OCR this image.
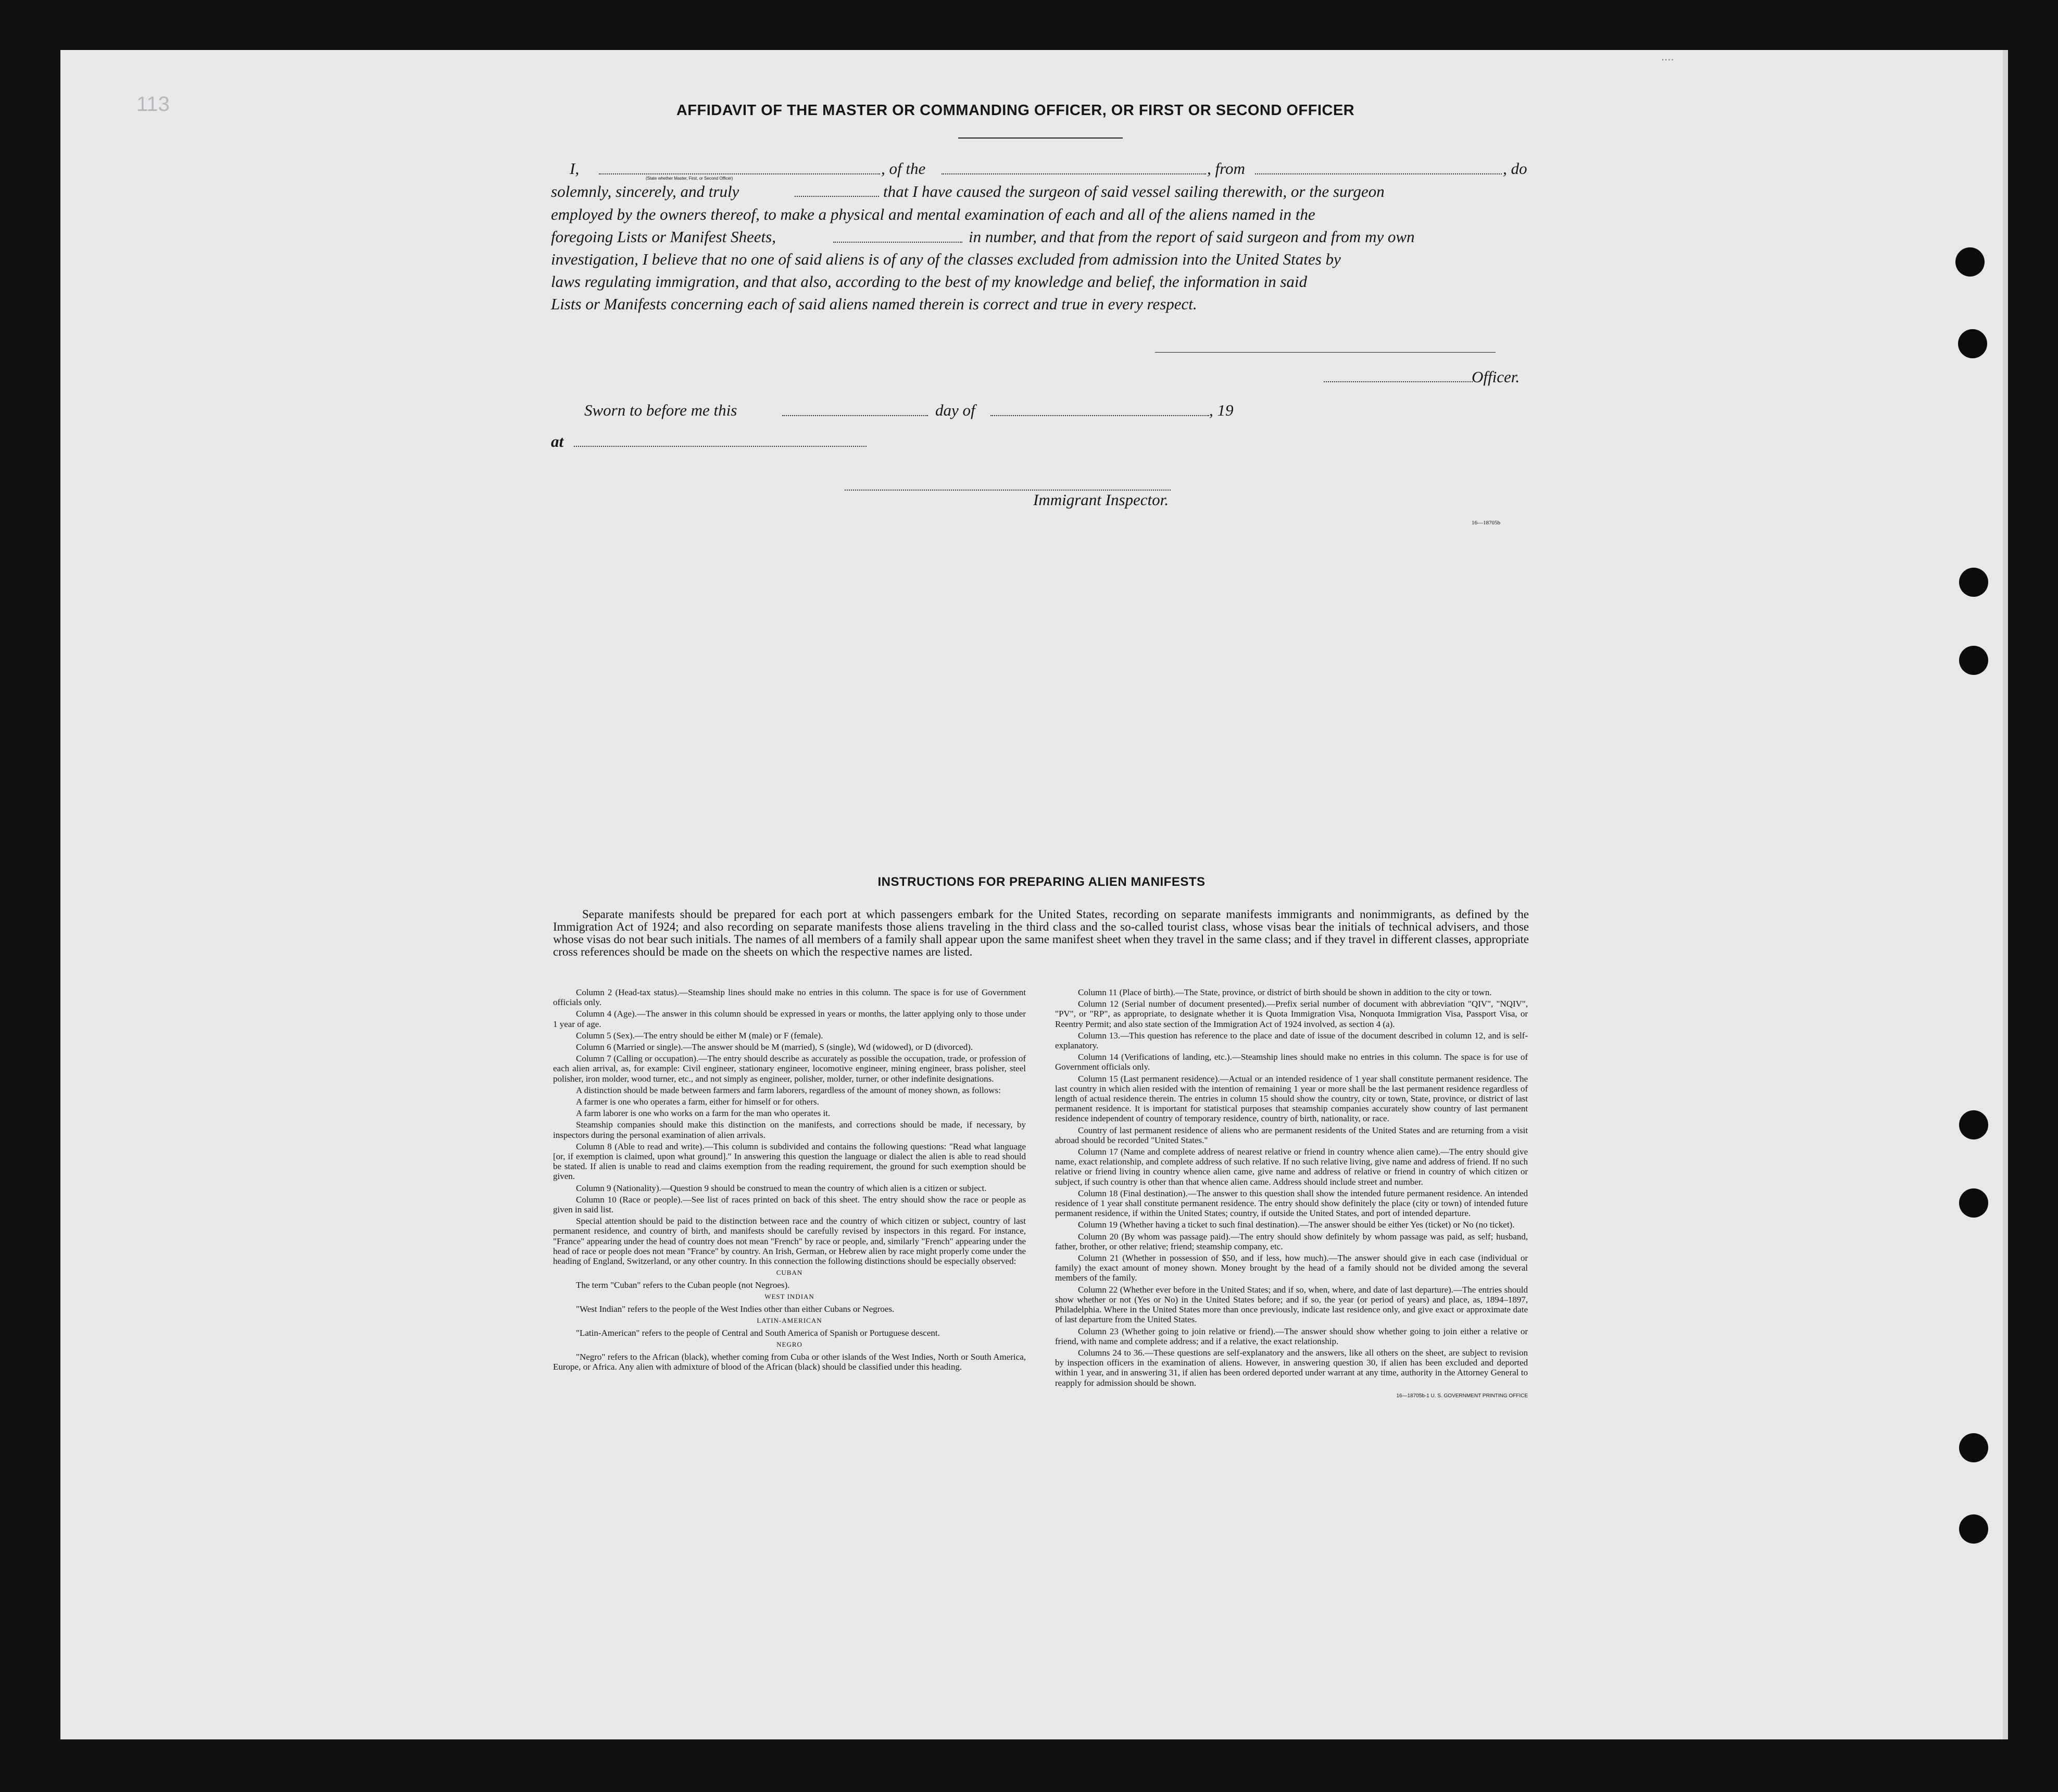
113
....
AFFIDAVIT OF THE MASTER OR COMMANDING OFFICER, OR FIRST OR SECOND OFFICER
I,
(State whether Master, First, or Second Officer)
, of the	, from	, do
solemnly, sincerely, and truly	that I have caused the surgeon of said vessel sailing therewith, or the surgeon
employed by the owners thereof, to make a physical and mental examination of each and all of the aliens named in the
foregoing Lists or Manifest Sheets,	in number, and that from the report of said surgeon and from my own
investigation, I believe that no one of said aliens is of any of the classes excluded from admission into the United States by
laws regulating immigration, and that also, according to the best of my knowledge and belief, the information in said
Lists or Manifests concerning each of said aliens named therein is correct and true in every respect.
Officer.
Sworn to before me this	day of	, 19
at
Immigrant Inspector.
16—18705b
INSTRUCTIONS FOR PREPARING ALIEN MANIFESTS
Separate manifests should be prepared for each port at which passengers embark for the United States, recording on separate manifests immigrants and nonimmigrants, as defined by the Immigration Act of 1924; and also recording on separate manifests those aliens traveling in the third class and the so-called tourist class, whose visas bear the initials of technical advisers, and those whose visas do not bear such initials. The names of all members of a family shall appear upon the same manifest sheet when they travel in the same class; and if they travel in different classes, appropriate cross references should be made on the sheets on which the respective names are listed.

Column 2 (Head-tax status).—Steamship lines should make no entries in this column. The space is for use of Government officials only.

Column 4 (Age).—The answer in this column should be expressed in years or months, the latter applying only to those under 1 year of age.

Column 5 (Sex).—The entry should be either M (male) or F (female).

Column 6 (Married or single).—The answer should be M (married), S (single), Wd (widowed), or D (divorced).

Column 7 (Calling or occupation).—The entry should describe as accurately as possible the occupation, trade, or profession of each alien arrival, as, for example: Civil engineer, stationary engineer, locomotive engineer, mining engineer, brass polisher, steel polisher, iron molder, wood turner, etc., and not simply as engineer, polisher, molder, turner, or other indefinite designations.

A distinction should be made between farmers and farm laborers, regardless of the amount of money shown, as follows:

A farmer is one who operates a farm, either for himself or for others.

A farm laborer is one who works on a farm for the man who operates it.

Steamship companies should make this distinction on the manifests, and corrections should be made, if necessary, by inspectors during the personal examination of alien arrivals.

Column 8 (Able to read and write).—This column is subdivided and contains the following questions: "Read what language [or, if exemption is claimed, upon what ground]." In answering this question the language or dialect the alien is able to read should be stated. If alien is unable to read and claims exemption from the reading requirement, the ground for such exemption should be given.

Column 9 (Nationality).—Question 9 should be construed to mean the country of which alien is a citizen or subject.

Column 10 (Race or people).—See list of races printed on back of this sheet. The entry should show the race or people as given in said list.

Special attention should be paid to the distinction between race and the country of which citizen or subject, country of last permanent residence, and country of birth, and manifests should be carefully revised by inspectors in this regard. For instance, "France" appearing under the head of country does not mean "French" by race or people, and, similarly "French" appearing under the head of race or people does not mean "France" by country. An Irish, German, or Hebrew alien by race might properly come under the heading of England, Switzerland, or any other country. In this connection the following distinctions should be especially observed:

CUBAN

The term "Cuban" refers to the Cuban people (not Negroes).

WEST INDIAN

"West Indian" refers to the people of the West Indies other than either Cubans or Negroes.

LATIN-AMERICAN

"Latin-American" refers to the people of Central and South America of Spanish or Portuguese descent.

NEGRO

"Negro" refers to the African (black), whether coming from Cuba or other islands of the West Indies, North or South America, Europe, or Africa. Any alien with admixture of blood of the African (black) should be classified under this heading.

Column 11 (Place of birth).—The State, province, or district of birth should be shown in addition to the city or town.

Column 12 (Serial number of document presented).—Prefix serial number of document with abbreviation "QIV", "NQIV", "PV", or "RP", as appropriate, to designate whether it is Quota Immigration Visa, Nonquota Immigration Visa, Passport Visa, or Reentry Permit; and also state section of the Immigration Act of 1924 involved, as section 4 (a).

Column 13.—This question has reference to the place and date of issue of the document described in column 12, and is self-explanatory.

Column 14 (Verifications of landing, etc.).—Steamship lines should make no entries in this column. The space is for use of Government officials only.

Column 15 (Last permanent residence).—Actual or an intended residence of 1 year shall constitute permanent residence. The last country in which alien resided with the intention of remaining 1 year or more shall be the last permanent residence regardless of length of actual residence therein. The entries in column 15 should show the country, city or town, State, province, or district of last permanent residence. It is important for statistical purposes that steamship companies accurately show country of last permanent residence independent of country of temporary residence, country of birth, nationality, or race.

Country of last permanent residence of aliens who are permanent residents of the United States and are returning from a visit abroad should be recorded "United States."

Column 17 (Name and complete address of nearest relative or friend in country whence alien came).—The entry should give name, exact relationship, and complete address of such relative. If no such relative living, give name and address of friend. If no such relative or friend living in country whence alien came, give name and address of relative or friend in country of which citizen or subject, if such country is other than that whence alien came. Address should include street and number.

Column 18 (Final destination).—The answer to this question shall show the intended future permanent residence. An intended residence of 1 year shall constitute permanent residence. The entry should show definitely the place (city or town) of intended future permanent residence, if within the United States; country, if outside the United States, and port of intended departure.

Column 19 (Whether having a ticket to such final destination).—The answer should be either Yes (ticket) or No (no ticket).

Column 20 (By whom was passage paid).—The entry should show definitely by whom passage was paid, as self; husband, father, brother, or other relative; friend; steamship company, etc.

Column 21 (Whether in possession of $50, and if less, how much).—The answer should give in each case (individual or family) the exact amount of money shown. Money brought by the head of a family should not be divided among the several members of the family.

Column 22 (Whether ever before in the United States; and if so, when, where, and date of last departure).—The entries should show whether or not (Yes or No) in the United States before; and if so, the year (or period of years) and place, as, 1894–1897, Philadelphia. Where in the United States more than once previously, indicate last residence only, and give exact or approximate date of last departure from the United States.

Column 23 (Whether going to join relative or friend).—The answer should show whether going to join either a relative or friend, with name and complete address; and if a relative, the exact relationship.

Columns 24 to 36.—These questions are self-explanatory and the answers, like all others on the sheet, are subject to revision by inspection officers in the examination of aliens. However, in answering question 30, if alien has been excluded and deported within 1 year, and in answering 31, if alien has been ordered deported under warrant at any time, authority in the Attorney General to reapply for admission should be shown.

16—18705b-1 U. S. GOVERNMENT PRINTING OFFICE
